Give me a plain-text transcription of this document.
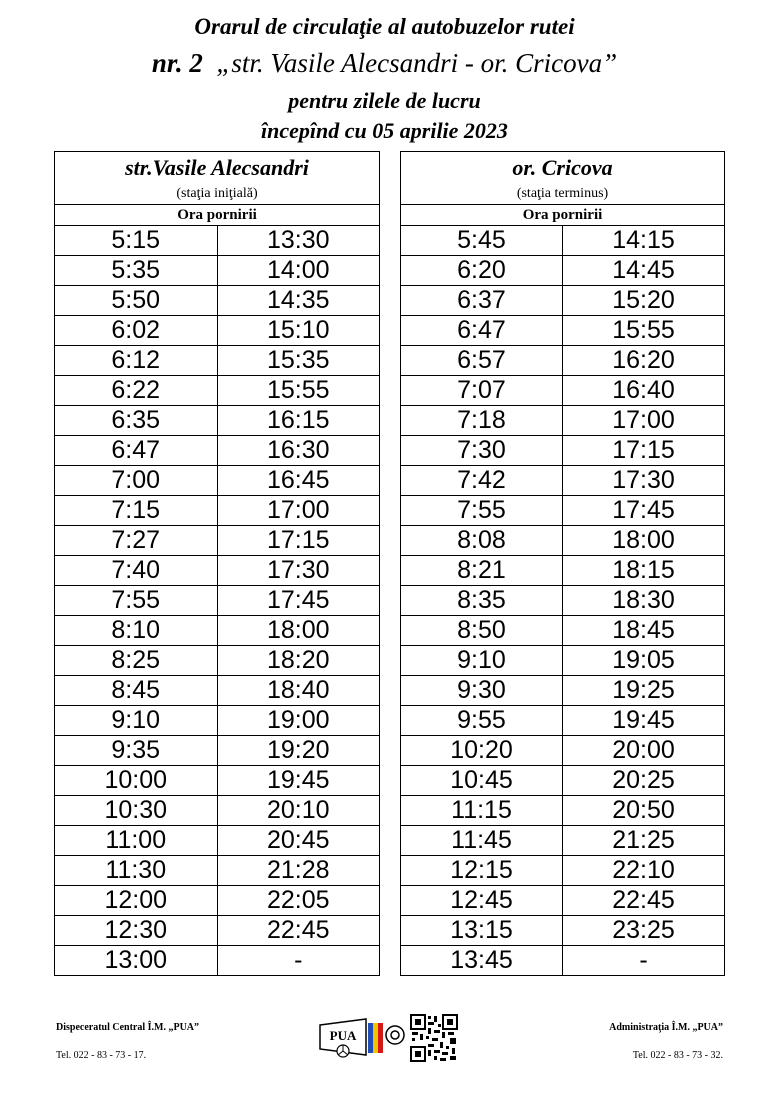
Orarul de circulaţie al autobuzelor rutei
nr. 2 „str. Vasile Alecsandri - or. Cricova”
pentru zilele de lucru
începînd cu 05 aprilie 2023
str.Vasile Alecsandri	
(staţia iniţială)	
Ora pornirii	
5:15	13:30
5:35	14:00
5:50	14:35
6:02	15:10
6:12	15:35
6:22	15:55
6:35	16:15
6:47	16:30
7:00	16:45
7:15	17:00
7:27	17:15
7:40	17:30
7:55	17:45
8:10	18:00
8:25	18:20
8:45	18:40
9:10	19:00
9:35	19:20
10:00	19:45
10:30	20:10
11:00	20:45
11:30	21:28
12:00	22:05
12:30	22:45
13:00	-
or. Cricova	
(staţia terminus)	
Ora pornirii	
5:45	14:15
6:20	14:45
6:37	15:20
6:47	15:55
6:57	16:20
7:07	16:40
7:18	17:00
7:30	17:15
7:42	17:30
7:55	17:45
8:08	18:00
8:21	18:15
8:35	18:30
8:50	18:45
9:10	19:05
9:30	19:25
9:55	19:45
10:20	20:00
10:45	20:25
11:15	20:50
11:45	21:25
12:15	22:10
12:45	22:45
13:15	23:25
13:45	-
Dispeceratul Central Î.M. „PUA”
Tel. 022 - 83 - 73 - 17.
Administraţia Î.M. „PUA”
Tel. 022 - 83 - 73 - 32.
PUA
